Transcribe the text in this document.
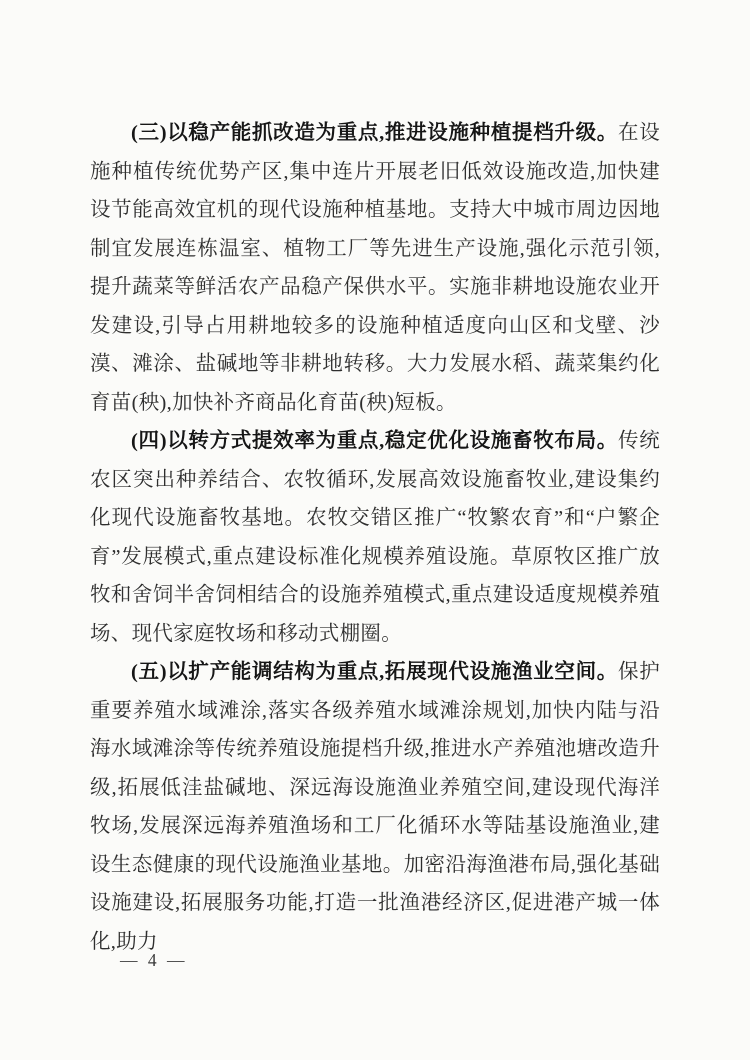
(三)以稳产能抓改造为重点,推进设施种植提档升级。在设施种植传统优势产区,集中连片开展老旧低效设施改造,加快建设节能高效宜机的现代设施种植基地。支持大中城市周边因地制宜发展连栋温室、植物工厂等先进生产设施,强化示范引领,提升蔬菜等鲜活农产品稳产保供水平。实施非耕地设施农业开发建设,引导占用耕地较多的设施种植适度向山区和戈壁、沙漠、滩涂、盐碱地等非耕地转移。大力发展水稻、蔬菜集约化育苗(秧),加快补齐商品化育苗(秧)短板。

(四)以转方式提效率为重点,稳定优化设施畜牧布局。传统农区突出种养结合、农牧循环,发展高效设施畜牧业,建设集约化现代设施畜牧基地。农牧交错区推广“牧繁农育”和“户繁企育”发展模式,重点建设标准化规模养殖设施。草原牧区推广放牧和舍饲半舍饲相结合的设施养殖模式,重点建设适度规模养殖场、现代家庭牧场和移动式棚圈。

(五)以扩产能调结构为重点,拓展现代设施渔业空间。保护重要养殖水域滩涂,落实各级养殖水域滩涂规划,加快内陆与沿海水域滩涂等传统养殖设施提档升级,推进水产养殖池塘改造升级,拓展低洼盐碱地、深远海设施渔业养殖空间,建设现代海洋牧场,发展深远海养殖渔场和工厂化循环水等陆基设施渔业,建设生态健康的现代设施渔业基地。加密沿海渔港布局,强化基础设施建设,拓展服务功能,打造一批渔港经济区,促进港产城一体化,助力

— 4 —
